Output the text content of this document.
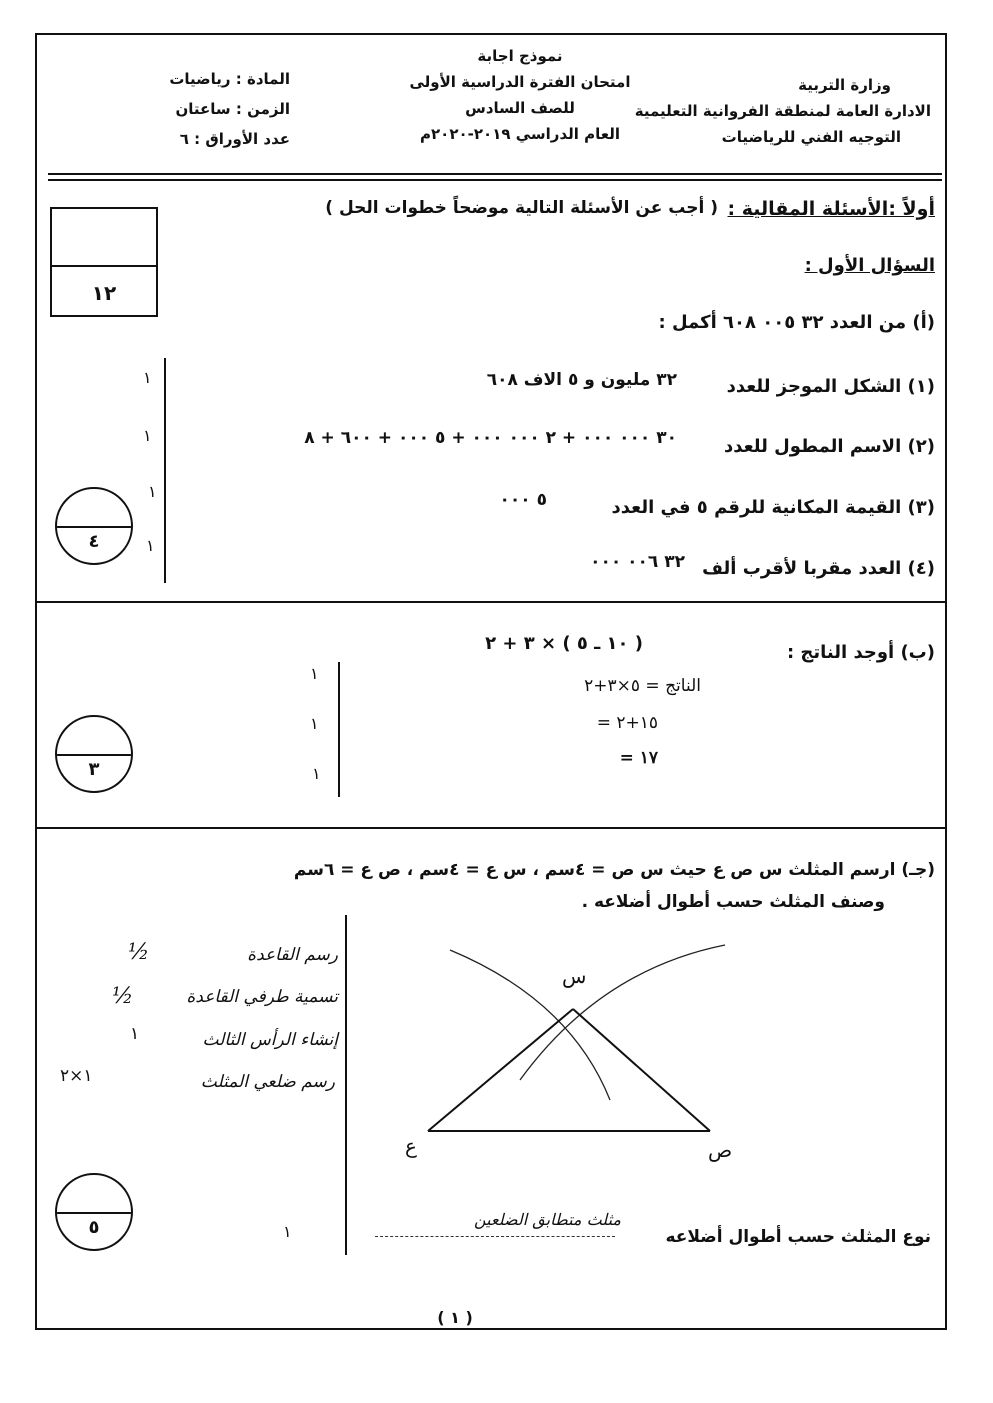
وزارة التربية
الادارة العامة لمنطقة الفروانية التعليمية
التوجيه الفني للرياضيات
نموذج اجابة
امتحان الفترة الدراسية الأولى
للصف السادس
العام الدراسي ٢٠١٩-٢٠٢٠م
المادة : رياضيات
الزمن : ساعتان
عدد الأوراق : ٦
أولاً :الأسئلة المقالية :
( أجب عن الأسئلة التالية موضحاً خطوات الحل )
١٢
السؤال الأول :
(أ) من العدد ٣٢ ٠٠٥ ٦٠٨ أكمل :
(١) الشكل الموجز للعدد
٣٢ مليون و ٥ الاف ٦٠٨
١
(٢) الاسم المطول للعدد
٣٠ ٠٠٠ ٠٠٠ + ٢ ٠٠٠ ٠٠٠ + ٥ ٠٠٠ + ٦٠٠ + ٨
١
(٣) القيمة المكانية للرقم ٥ في العدد
٥ ٠٠٠
١
(٤) العدد مقربا لأقرب ألف
٣٢ ٠٠٦ ٠٠٠
١
٤
(ب) أوجد الناتج :
( ١٠ ـ ٥ ) × ٣ + ٢
الناتج = ٥×٣+٢
= ١٥+٢
= ١٧
١
١
١
٣
(جـ) ارسم المثلث س ص ع حيث س ص = ٤سم ، س ع = ٤سم ، ص ع = ٦سم
وصنف المثلث حسب أطوال أضلاعه .
رسم القاعدة
½
تسمية طرفي القاعدة
½
إنشاء الرأس الثالث
١
رسم ضلعي المثلث
١×٢
س
ع	ص
نوع المثلث حسب أطوال أضلاعه
مثلث متطابق الضلعين
١
٥
( ١ )
